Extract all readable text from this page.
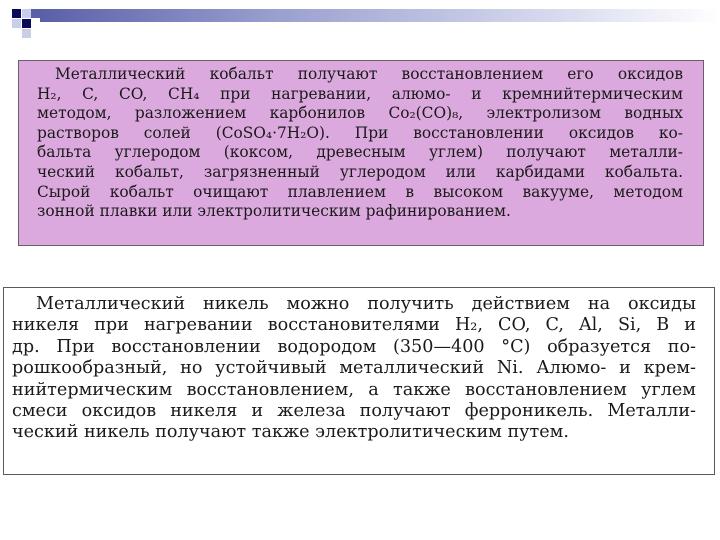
Металлический кобальт получают восстановлением его оксидов
H₂, C, CO, CH₄ при нагревании, алюмо- и кремнийтермическим
методом, разложением карбонилов Co₂(CO)₈, электролизом водных
растворов солей (CoSO₄·7H₂O). При восстановлении оксидов ко-
бальта углеродом (коксом, древесным углем) получают металли-
ческий кобальт, загрязненный углеродом или карбидами кобальта.
Сырой кобальт очищают плавлением в высоком вакууме, методом
зонной плавки или электролитическим рафинированием.
Металлический никель можно получить действием на оксиды
никеля при нагревании восстановителями H₂, CO, C, Al, Si, B и
др. При восстановлении водородом (350—400 °C) образуется по-
рошкообразный, но устойчивый металлический Ni. Алюмо- и крем-
нийтермическим восстановлением, а также восстановлением углем
смеси оксидов никеля и железа получают ферроникель. Металли-
ческий никель получают также электролитическим путем.
